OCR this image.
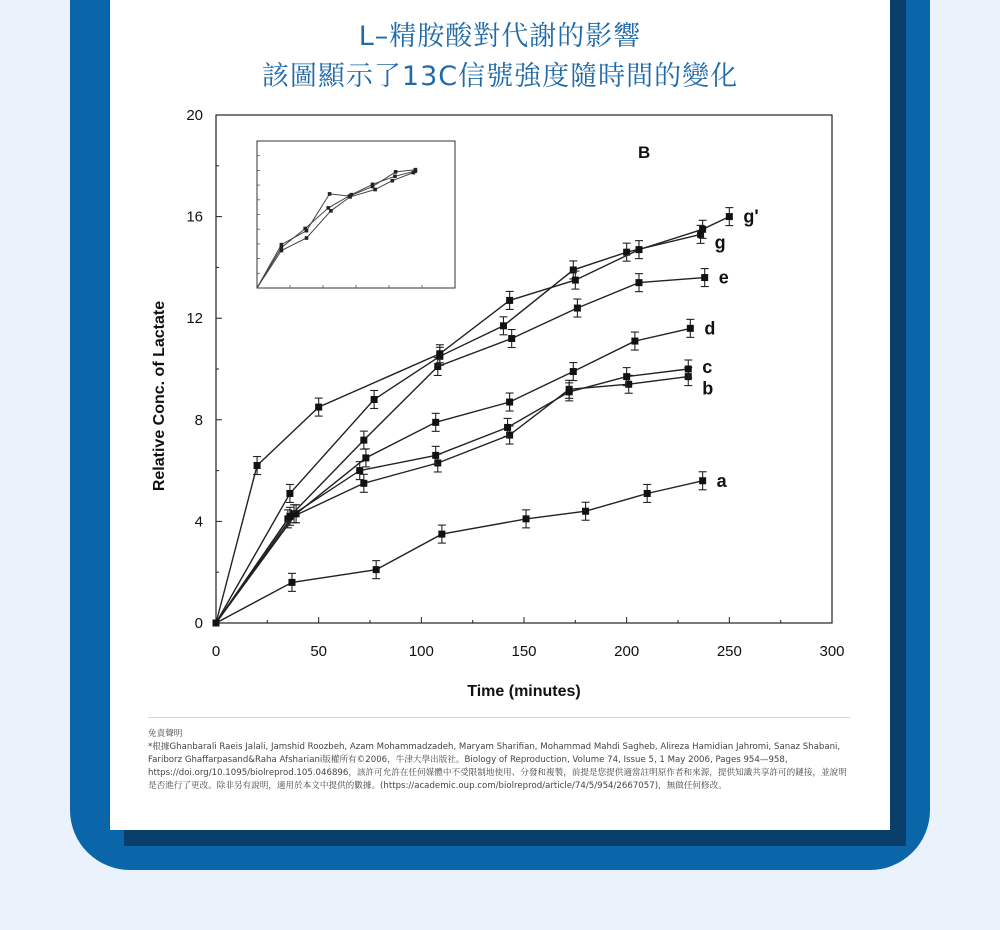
L–精胺酸對代謝的影響
該圖顯示了13C信號強度隨時間的變化
0	50	100	150	200	250	300
0
4
8
12
16
20
a
b
c
d
e
g
g'
B
Time (minutes)
Relative Conc. of Lactate
免責聲明
*根據Ghanbarali Raeis Jalali, Jamshid Roozbeh, Azam Mohammadzadeh, Maryam Sharifian, Mohammad Mahdi Sagheb, Alireza Hamidian Jahromi, Sanaz Shabani, Fariborz Ghaffarpasand&Raha Afshariani版權所有©2006，牛津大學出版社。Biology of Reproduction, Volume 74, Issue 5, 1 May 2006, Pages 954—958, https://doi.org/10.1095/biolreprod.105.046896，該許可允許在任何媒體中不受限制地使用、分發和複製，前提是您提供適當註明原作者和來源，提供知識共享許可的鏈接，並說明是否進行了更改。除非另有說明，適用於本文中提供的數據。(https://academic.oup.com/biolreprod/article/74/5/954/2667057)，無做任何修改。
